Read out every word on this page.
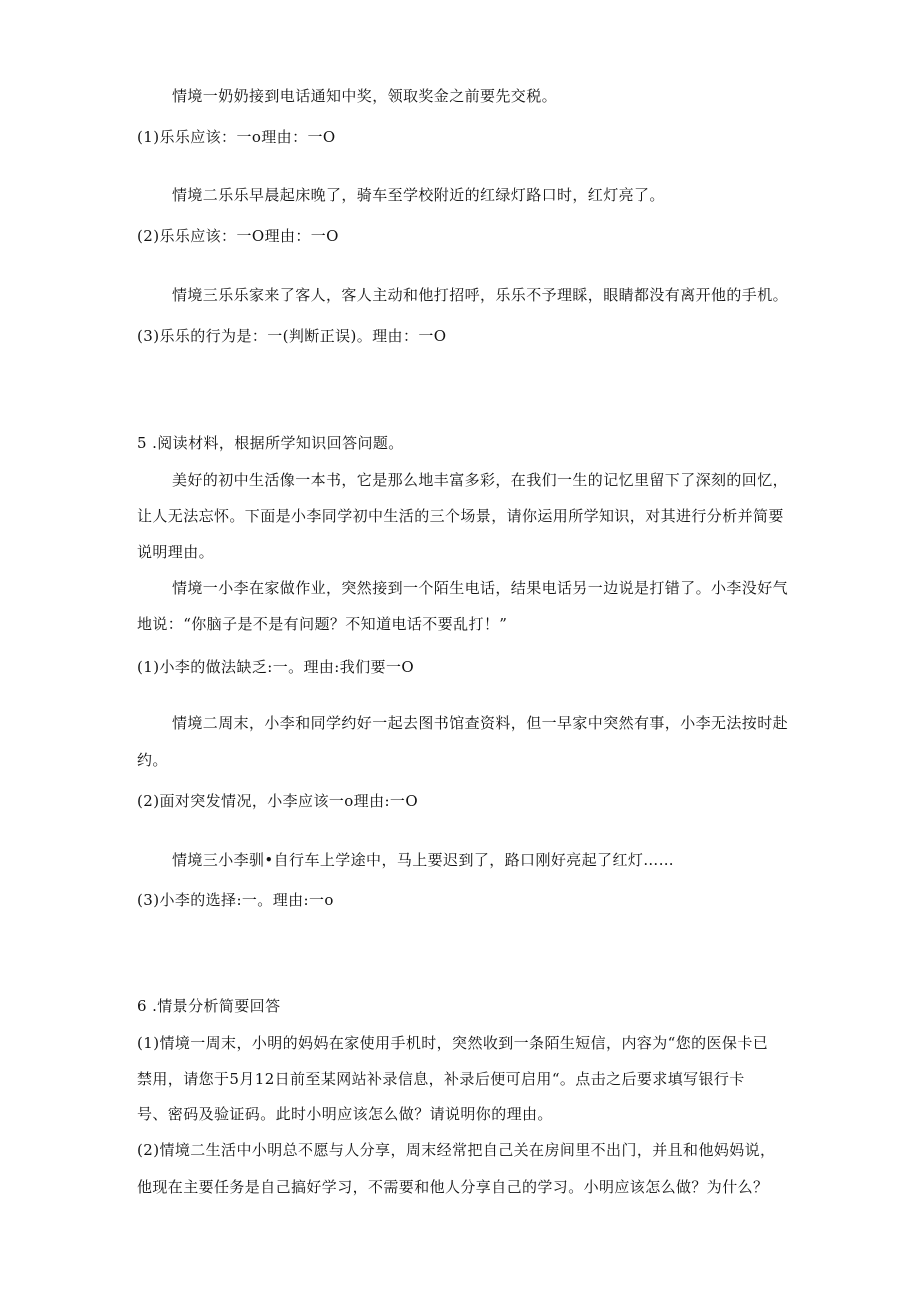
情境一奶奶接到电话通知中奖，领取奖金之前要先交税。
(1)乐乐应该：一o理由：一O
情境二乐乐早晨起床晚了，骑车至学校附近的红绿灯路口时，红灯亮了。
(2)乐乐应该：一O理由：一O
情境三乐乐家来了客人，客人主动和他打招呼，乐乐不予理睬，眼睛都没有离开他的手机。
(3)乐乐的行为是：一(判断正误)。理由：一O
5 .阅读材料，根据所学知识回答问题。
美好的初中生活像一本书，它是那么地丰富多彩，在我们一生的记忆里留下了深刻的回忆，
让人无法忘怀。下面是小李同学初中生活的三个场景，请你运用所学知识，对其进行分析并简要
说明理由。
情境一小李在家做作业，突然接到一个陌生电话，结果电话另一边说是打错了。小李没好气
地说：“你脑子是不是有问题？不知道电话不要乱打！”
(1)小李的做法缺乏:一。理由:我们要一O
情境二周末，小李和同学约好一起去图书馆查资料，但一早家中突然有事，小李无法按时赴
约。
(2)面对突发情况，小李应该一o理由:一O
情境三小李驯•自行车上学途中，马上要迟到了，路口刚好亮起了红灯……
(3)小李的选择:一。理由:一o
6 .情景分析简要回答
(1)情境一周末，小明的妈妈在家使用手机时，突然收到一条陌生短信，内容为“您的医保卡已
禁用，请您于5月12日前至某网站补录信息，补录后便可启用“。点击之后要求填写银行卡
号、密码及验证码。此时小明应该怎么做？请说明你的理由。
(2)情境二生活中小明总不愿与人分享，周末经常把自己关在房间里不出门，并且和他妈妈说，
他现在主要任务是自己搞好学习，不需要和他人分享自己的学习。小明应该怎么做？为什么？
